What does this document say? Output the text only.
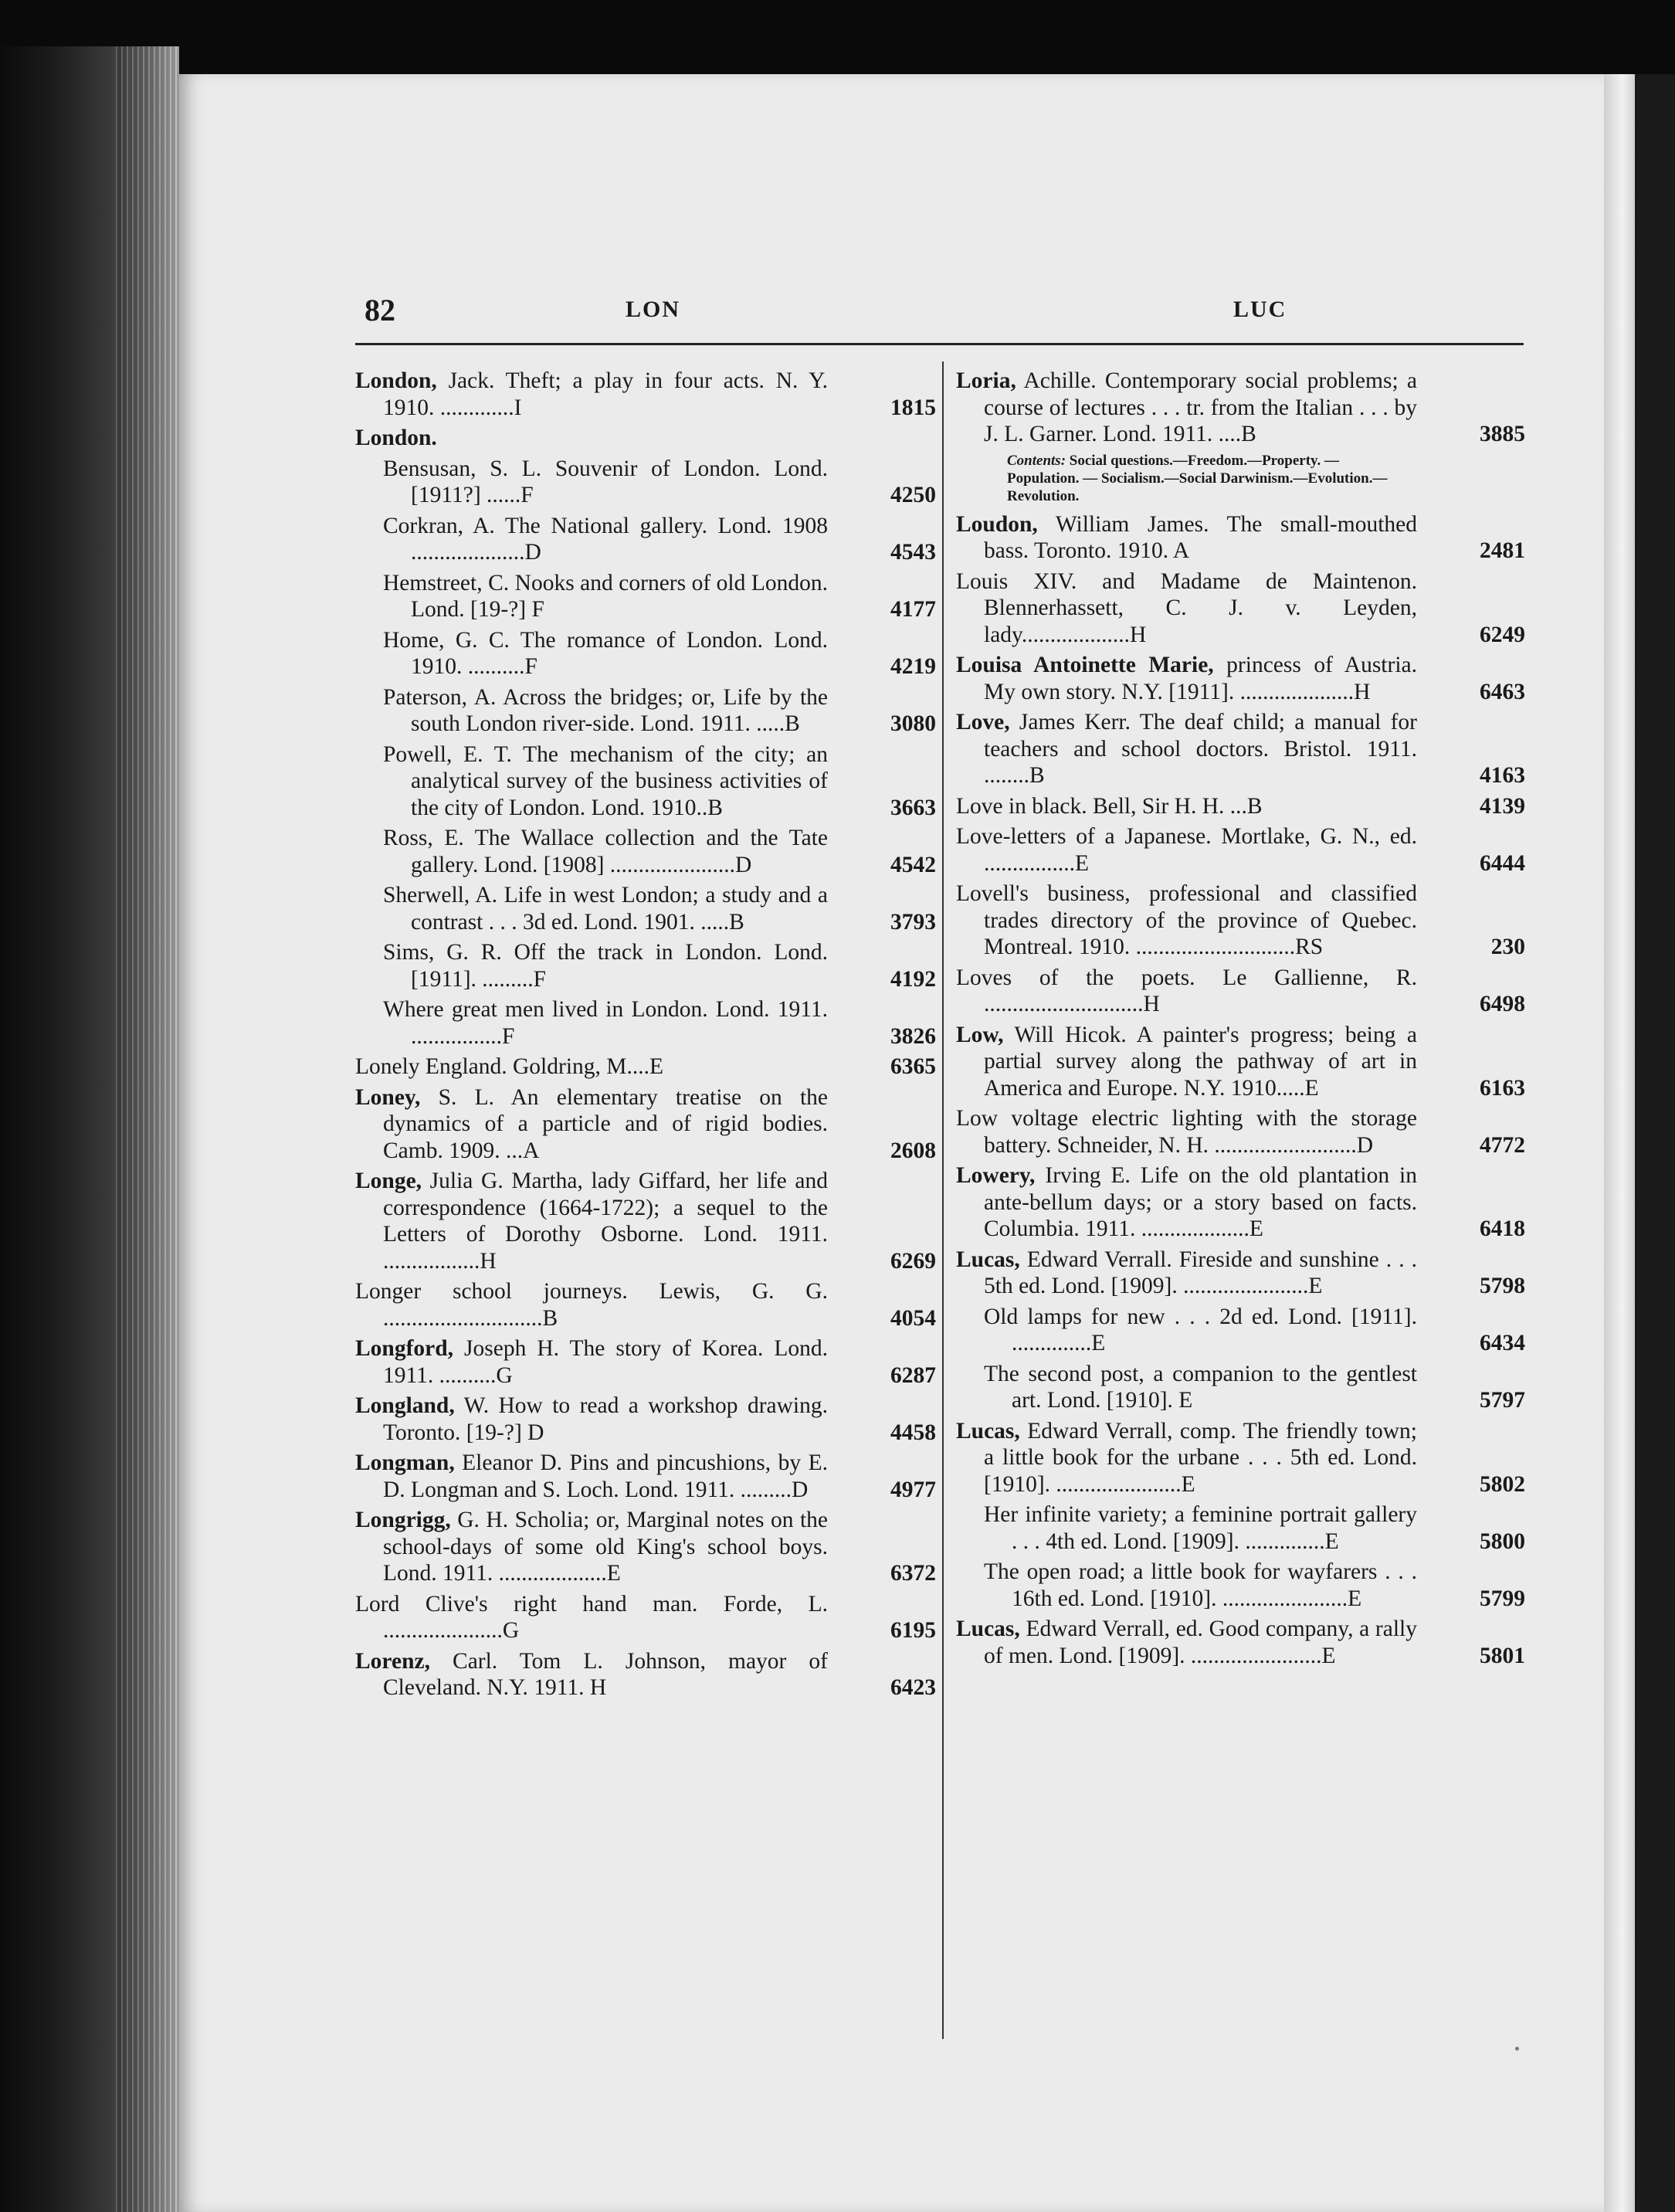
82	LON	LUC
London, Jack. Theft; a play in four acts. N. Y. 1910. .............I	1815
London.
Bensusan, S. L. Souvenir of London. Lond. [1911?] ......F	4250
Corkran, A. The National gallery. Lond. 1908 ....................D	4543
Hemstreet, C. Nooks and corners of old London. Lond. [19-?] F	4177
Home, G. C. The romance of London. Lond. 1910. ..........F	4219
Paterson, A. Across the bridges; or, Life by the south London river-side. Lond. 1911. .....B	3080
Powell, E. T. The mechanism of the city; an analytical survey of the business activities of the city of London. Lond. 1910..B	3663
Ross, E. The Wallace collection and the Tate gallery. Lond. [1908] ......................D	4542
Sherwell, A. Life in west London; a study and a contrast . . . 3d ed. Lond. 1901. .....B	3793
Sims, G. R. Off the track in London. Lond. [1911]. .........F	4192
Where great men lived in London. Lond. 1911. ................F	3826
Lonely England. Goldring, M....E	6365
Loney, S. L. An elementary treatise on the dynamics of a particle and of rigid bodies. Camb. 1909. ...A	2608
Longe, Julia G. Martha, lady Giffard, her life and correspondence (1664-1722); a sequel to the Letters of Dorothy Osborne. Lond. 1911. .................H	6269
Longer school journeys. Lewis, G. G. ............................B	4054
Longford, Joseph H. The story of Korea. Lond. 1911. ..........G	6287
Longland, W. How to read a workshop drawing. Toronto. [19-?] D	4458
Longman, Eleanor D. Pins and pincushions, by E. D. Longman and S. Loch. Lond. 1911. .........D	4977
Longrigg, G. H. Scholia; or, Marginal notes on the school-days of some old King's school boys. Lond. 1911. ...................E	6372
Lord Clive's right hand man. Forde, L. .....................G	6195
Lorenz, Carl. Tom L. Johnson, mayor of Cleveland. N.Y. 1911. H	6423
Loria, Achille. Contemporary social problems; a course of lectures . . . tr. from the Italian . . . by J. L. Garner. Lond. 1911. ....B	3885
Contents: Social questions.—Freedom.—Property. — Population. — Socialism.—Social Darwinism.—Evolution.—Revolution.
Loudon, William James. The small-mouthed bass. Toronto. 1910. A	2481
Louis XIV. and Madame de Maintenon. Blennerhassett, C. J. v. Leyden, lady...................H	6249
Louisa Antoinette Marie, princess of Austria. My own story. N.Y. [1911]. ....................H	6463
Love, James Kerr. The deaf child; a manual for teachers and school doctors. Bristol. 1911. ........B	4163
Love in black. Bell, Sir H. H. ...B	4139
Love-letters of a Japanese. Mortlake, G. N., ed. ................E	6444
Lovell's business, professional and classified trades directory of the province of Quebec. Montreal. 1910. ............................RS	230
Loves of the poets. Le Gallienne, R. ............................H	6498
Low, Will Hicok. A painter's progress; being a partial survey along the pathway of art in America and Europe. N.Y. 1910.....E	6163
Low voltage electric lighting with the storage battery. Schneider, N. H. .........................D	4772
Lowery, Irving E. Life on the old plantation in ante-bellum days; or a story based on facts. Columbia. 1911. ...................E	6418
Lucas, Edward Verrall. Fireside and sunshine . . . 5th ed. Lond. [1909]. ......................E	5798
Old lamps for new . . . 2d ed. Lond. [1911]. ..............E	6434
The second post, a companion to the gentlest art. Lond. [1910]. E	5797
Lucas, Edward Verrall, comp. The friendly town; a little book for the urbane . . . 5th ed. Lond. [1910]. ......................E	5802
Her infinite variety; a feminine portrait gallery . . . 4th ed. Lond. [1909]. ..............E	5800
The open road; a little book for wayfarers . . . 16th ed. Lond. [1910]. ......................E	5799
Lucas, Edward Verrall, ed. Good company, a rally of men. Lond. [1909]. .......................E	5801
